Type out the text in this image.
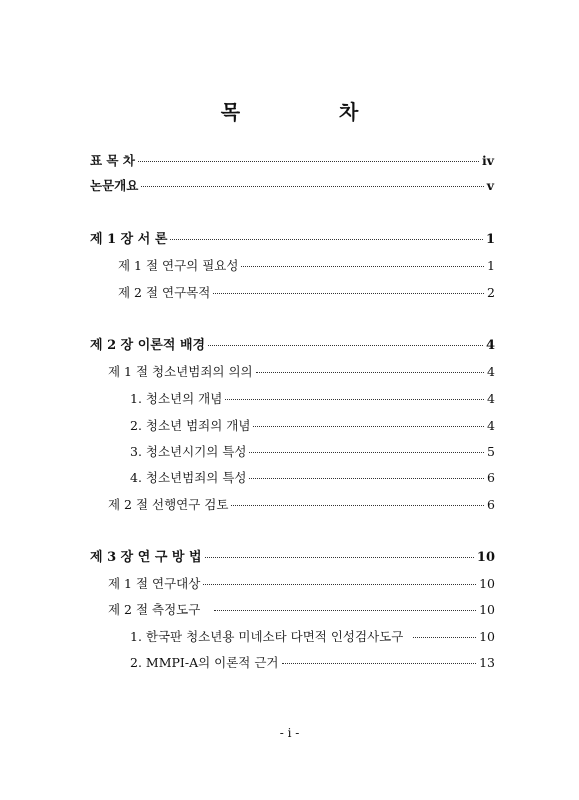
목 차
표 목 차	iv
논문개요	v
제 1 장 서 론	1
제 1 절 연구의 필요성	1
제 2 절 연구목적	2
제 2 장 이론적 배경	4
제 1 절 청소년범죄의 의의	4
1. 청소년의 개념	4
2. 청소년 범죄의 개념	4
3. 청소년시기의 특성	5
4. 청소년범죄의 특성	6
제 2 절 선행연구 검토	6
제 3 장 연 구 방 법	10
제 1 절 연구대상	10
제 2 절 측정도구	10
1. 한국판 청소년용 미네소타 다면적 인성검사도구	10
2. MMPI-A의 이론적 근거	13
- i -
